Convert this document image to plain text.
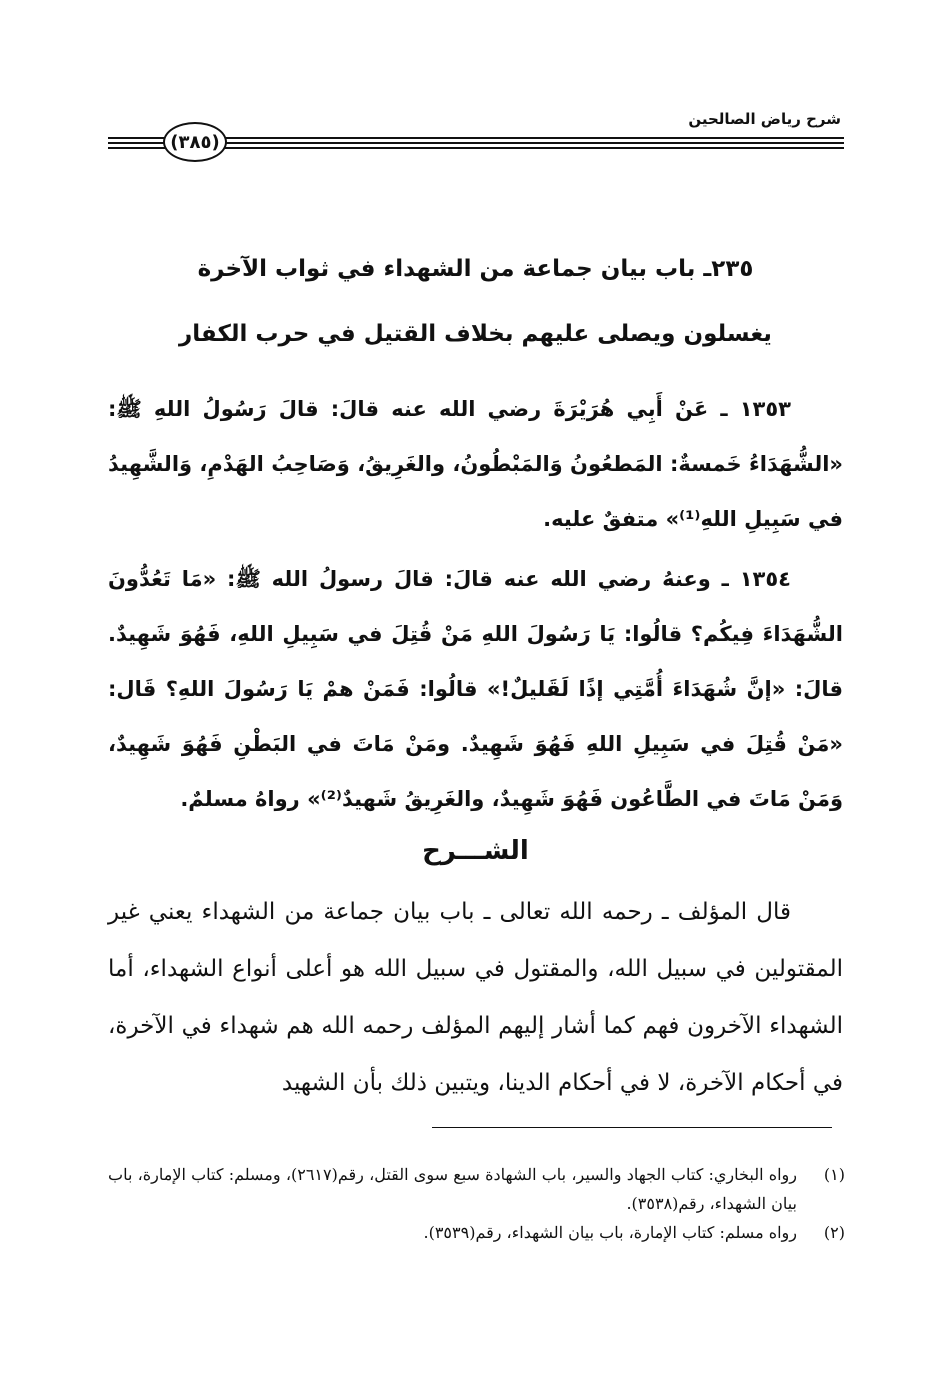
شرح رياض الصالحين
(٣٨٥)
٢٣٥ـ باب بيان جماعة من الشهداء في ثواب الآخرة
يغسلون ويصلى عليهم بخلاف القتيل في حرب الكفار
١٣٥٣ ـ عَنْ أَبِي هُرَيْرَةَ رضي الله عنه قالَ: قالَ رَسُولُ اللهِ ﷺ: «الشُّهَدَاءُ خَمسةٌ: المَطعُونُ وَالمَبْطُونُ، والغَرِيقُ، وَصَاحِبُ الهَدْمِ، وَالشَّهِيدُ في سَبِيلِ اللهِ⁽¹⁾» متفقٌ عليه.
١٣٥٤ ـ وعنهُ رضي الله عنه قالَ: قالَ رسولُ الله ﷺ: «مَا تَعُدُّونَ الشُّهَدَاءَ فِيكُم؟ قالُوا: يَا رَسُولَ اللهِ مَنْ قُتِلَ في سَبِيلِ اللهِ، فَهُوَ شَهِيدٌ. قالَ: «إنَّ شُهَدَاءَ أُمَّتِي إذًا لَقَليلٌ!» قالُوا: فَمَنْ همْ يَا رَسُولَ اللهِ؟ قَال: «مَنْ قُتِلَ في سَبِيلِ اللهِ فَهُوَ شَهِيدٌ. ومَنْ مَاتَ في البَطْنِ فَهُوَ شَهِيدٌ، وَمَنْ مَاتَ في الطَّاعُون فَهُوَ شَهِيدٌ، والغَرِيقُ شَهيدٌ⁽²⁾» رواهُ مسلمٌ.
الشـــرح
قال المؤلف ـ رحمه الله تعالى ـ باب بيان جماعة من الشهداء يعني غير المقتولين في سبيل الله، والمقتول في سبيل الله هو أعلى أنواع الشهداء، أما الشهداء الآخرون فهم كما أشار إليهم المؤلف رحمه الله هم شهداء في الآخرة، في أحكام الآخرة، لا في أحكام الدينا، ويتبين ذلك بأن الشهيد
(١)
رواه البخاري: كتاب الجهاد والسير، باب الشهادة سبع سوى القتل، رقم(٢٦١٧)، ومسلم: كتاب الإمارة، باب بيان الشهداء، رقم(٣٥٣٨).
(٢)
رواه مسلم: كتاب الإمارة، باب بيان الشهداء، رقم(٣٥٣٩).
